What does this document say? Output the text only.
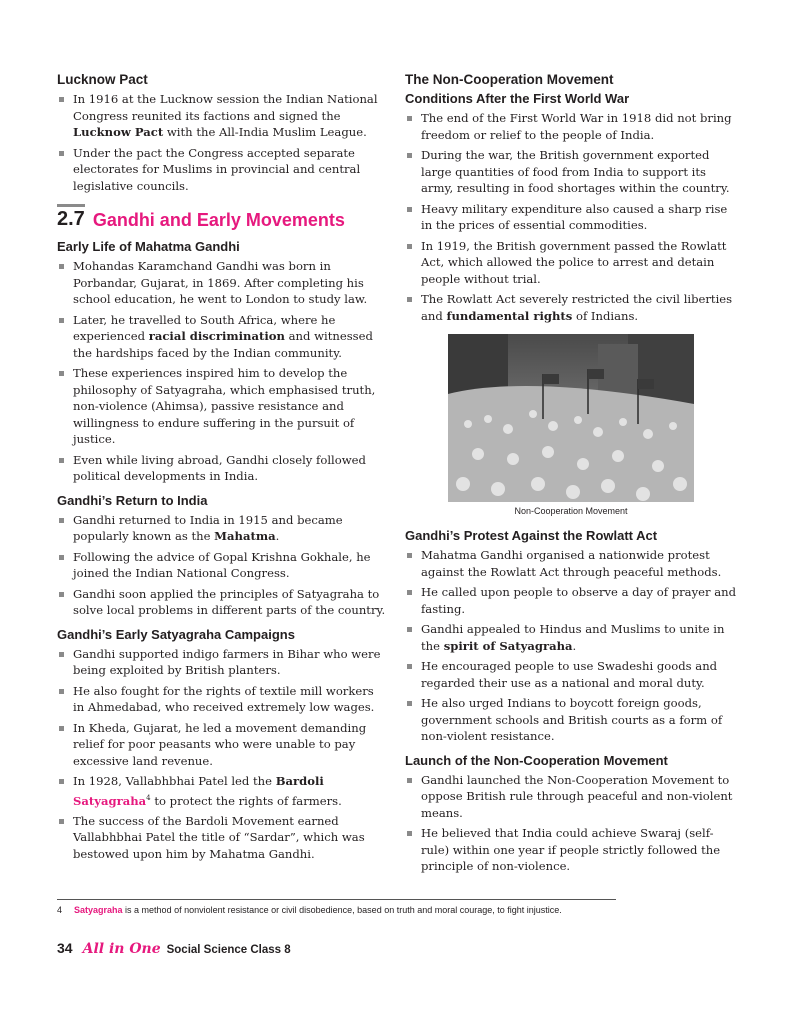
Lucknow Pact
In 1916 at the Lucknow session the Indian National Congress reunited its factions and signed the Lucknow Pact with the All-India Muslim League.
Under the pact the Congress accepted separate electorates for Muslims in provincial and central legislative councils.
2.7 Gandhi and Early Movements
Early Life of Mahatma Gandhi
Mohandas Karamchand Gandhi was born in Porbandar, Gujarat, in 1869. After completing his school education, he went to London to study law.
Later, he travelled to South Africa, where he experienced racial discrimination and witnessed the hardships faced by the Indian community.
These experiences inspired him to develop the philosophy of Satyagraha, which emphasised truth, non-violence (Ahimsa), passive resistance and willingness to endure suffering in the pursuit of justice.
Even while living abroad, Gandhi closely followed political developments in India.
Gandhi’s Return to India
Gandhi returned to India in 1915 and became popularly known as the Mahatma.
Following the advice of Gopal Krishna Gokhale, he joined the Indian National Congress.
Gandhi soon applied the principles of Satyagraha to solve local problems in different parts of the country.
Gandhi’s Early Satyagraha Campaigns
Gandhi supported indigo farmers in Bihar who were being exploited by British planters.
He also fought for the rights of textile mill workers in Ahmedabad, who received extremely low wages.
In Kheda, Gujarat, he led a movement demanding relief for poor peasants who were unable to pay excessive land revenue.
In 1928, Vallabhbhai Patel led the Bardoli Satyagraha$^4$ to protect the rights of farmers.
The success of the Bardoli Movement earned Vallabhbhai Patel the title of “Sardar”, which was bestowed upon him by Mahatma Gandhi.
The Non-Cooperation Movement
Conditions After the First World War
The end of the First World War in 1918 did not bring freedom or relief to the people of India.
During the war, the British government exported large quantities of food from India to support its army, resulting in food shortages within the country.
Heavy military expenditure also caused a sharp rise in the prices of essential commodities.
In 1919, the British government passed the Rowlatt Act, which allowed the police to arrest and detain people without trial.
The Rowlatt Act severely restricted the civil liberties and fundamental rights of Indians.
Non-Cooperation Movement
Gandhi’s Protest Against the Rowlatt Act
Mahatma Gandhi organised a nationwide protest against the Rowlatt Act through peaceful methods.
He called upon people to observe a day of prayer and fasting.
Gandhi appealed to Hindus and Muslims to unite in the spirit of Satyagraha.
He encouraged people to use Swadeshi goods and regarded their use as a national and moral duty.
He also urged Indians to boycott foreign goods, government schools and British courts as a form of non-violent resistance.
Launch of the Non-Cooperation Movement
Gandhi launched the Non-Cooperation Movement to oppose British rule through peaceful and non-violent means.
He believed that India could achieve Swaraj (self-rule) within one year if people strictly followed the principle of non-violence.
4 Satyagraha is a method of nonviolent resistance or civil disobedience, based on truth and moral courage, to fight injustice.
34 All in One Social Science Class 8
